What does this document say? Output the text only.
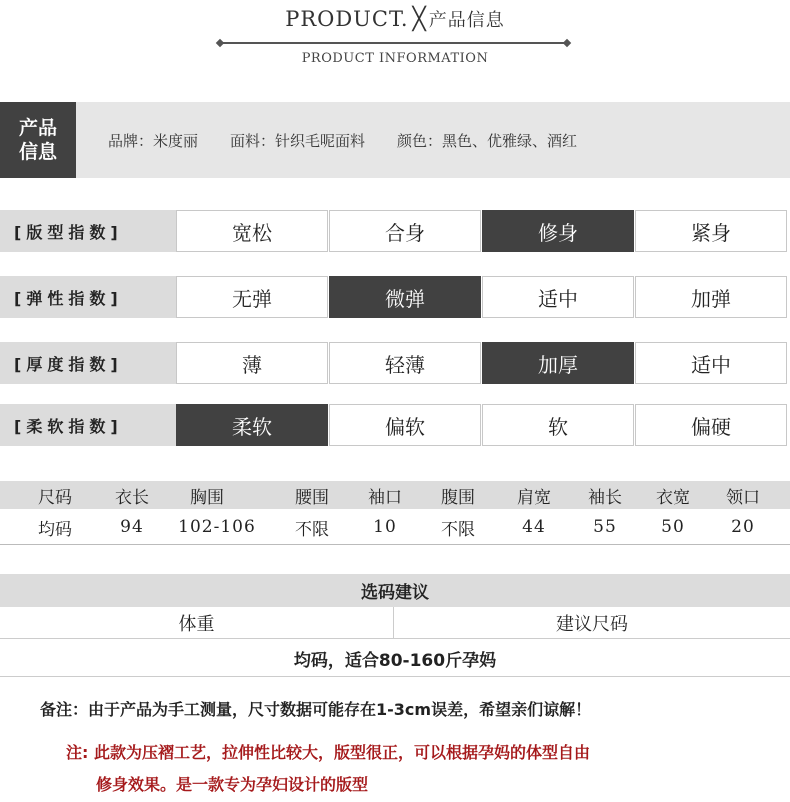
PRODUCT. ╳ 产品信息
PRODUCT INFORMATION
产品
信息
品牌：米度丽 面料：针织毛呢面料 颜色：黑色、优雅绿、酒红
[版型指数]	宽松	合身	修身	紧身
[弹性指数]	无弹	微弹	适中	加弹
[厚度指数]	薄	轻薄	加厚	适中
[柔软指数]	柔软	偏软	软	偏硬
尺码	衣长	胸围	腰围	袖口	腹围	肩宽	袖长	衣宽	领口
均码	94	102-106	不限	10	不限	44	55	50	20
选码建议
体重	建议尺码
均码，适合80-160斤孕妈
备注：由于产品为手工测量，尺寸数据可能存在1-3cm误差，希望亲们谅解！
注: 此款为压褶工艺，拉伸性比较大，版型很正，可以根据孕妈的体型自由
修身效果。是一款专为孕妇设计的版型
